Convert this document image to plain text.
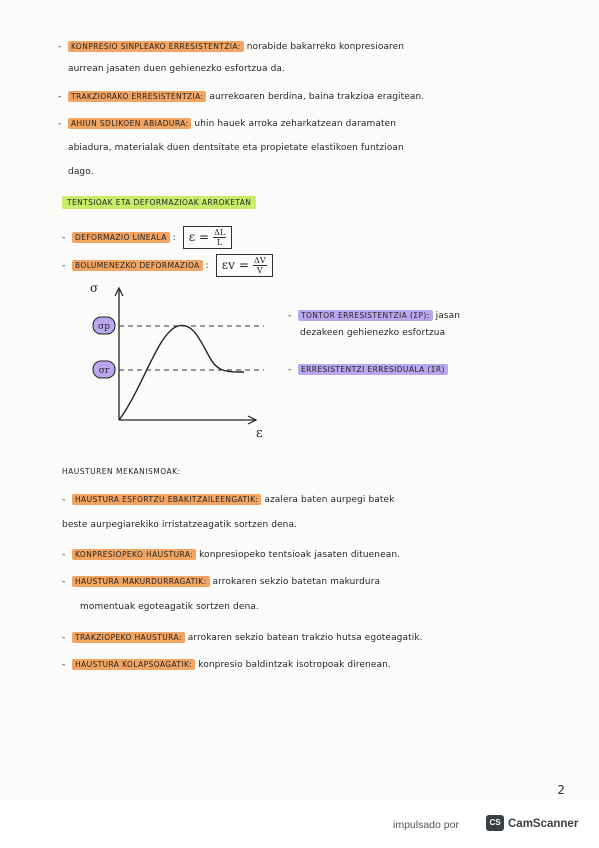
- KONPRESIO SINPLEAKO ERRESISTENTZIA: norabide bakarreko konpresioaren
aurrean jasaten duen gehienezko esfortzua da.
- TRAKZIORAKO ERRESISTENTZIA: aurrekoaren berdina, baina trakzioa eragitean.
- AHIUN SDLIKOEN ABIADURA: uhin hauek arroka zeharkatzean daramaten
abiadura, materialak duen dentsitate eta propietate elastikoen funtzioan
dago.
TENTSIOAK ETA DEFORMAZIOAK ARROKETAN
- DEFORMAZIO LINEALA : $\varepsilon = \frac{\Delta L}{L}$
- BOLUMENEZKO DEFORMAZIOA : $\varepsilon v = \frac{\Delta V}{V}$
σ
ε
σp
σr
- TONTOR ERRESISTENTZIA (ΣP): jasan
dezakeen gehienezko esfortzua
- ERRESISTENTZI ERRESIDUALA (ΣR)
HAUSTUREN MEKANISMOAK:
- HAUSTURA ESFORTZU EBAKITZAILEENGATIK: azalera baten aurpegi batek
beste aurpegiarekiko irristatzeagatik sortzen dena.
- KONPRESIOPEKO HAUSTURA: konpresiopeko tentsioak jasaten dituenean.
- HAUSTURA MAKURDURRAGATIK: arrokaren sekzio batetan makurdura
momentuak egoteagatik sortzen dena.
- TRAKZIOPEKO HAUSTURA: arrokaren sekzio batean trakzio hutsa egoteagatik.
- HAUSTURA KOLAPSOAGATIK: konpresio baldintzak isotropoak direnean.
2
impulsado por	CS CamScanner
